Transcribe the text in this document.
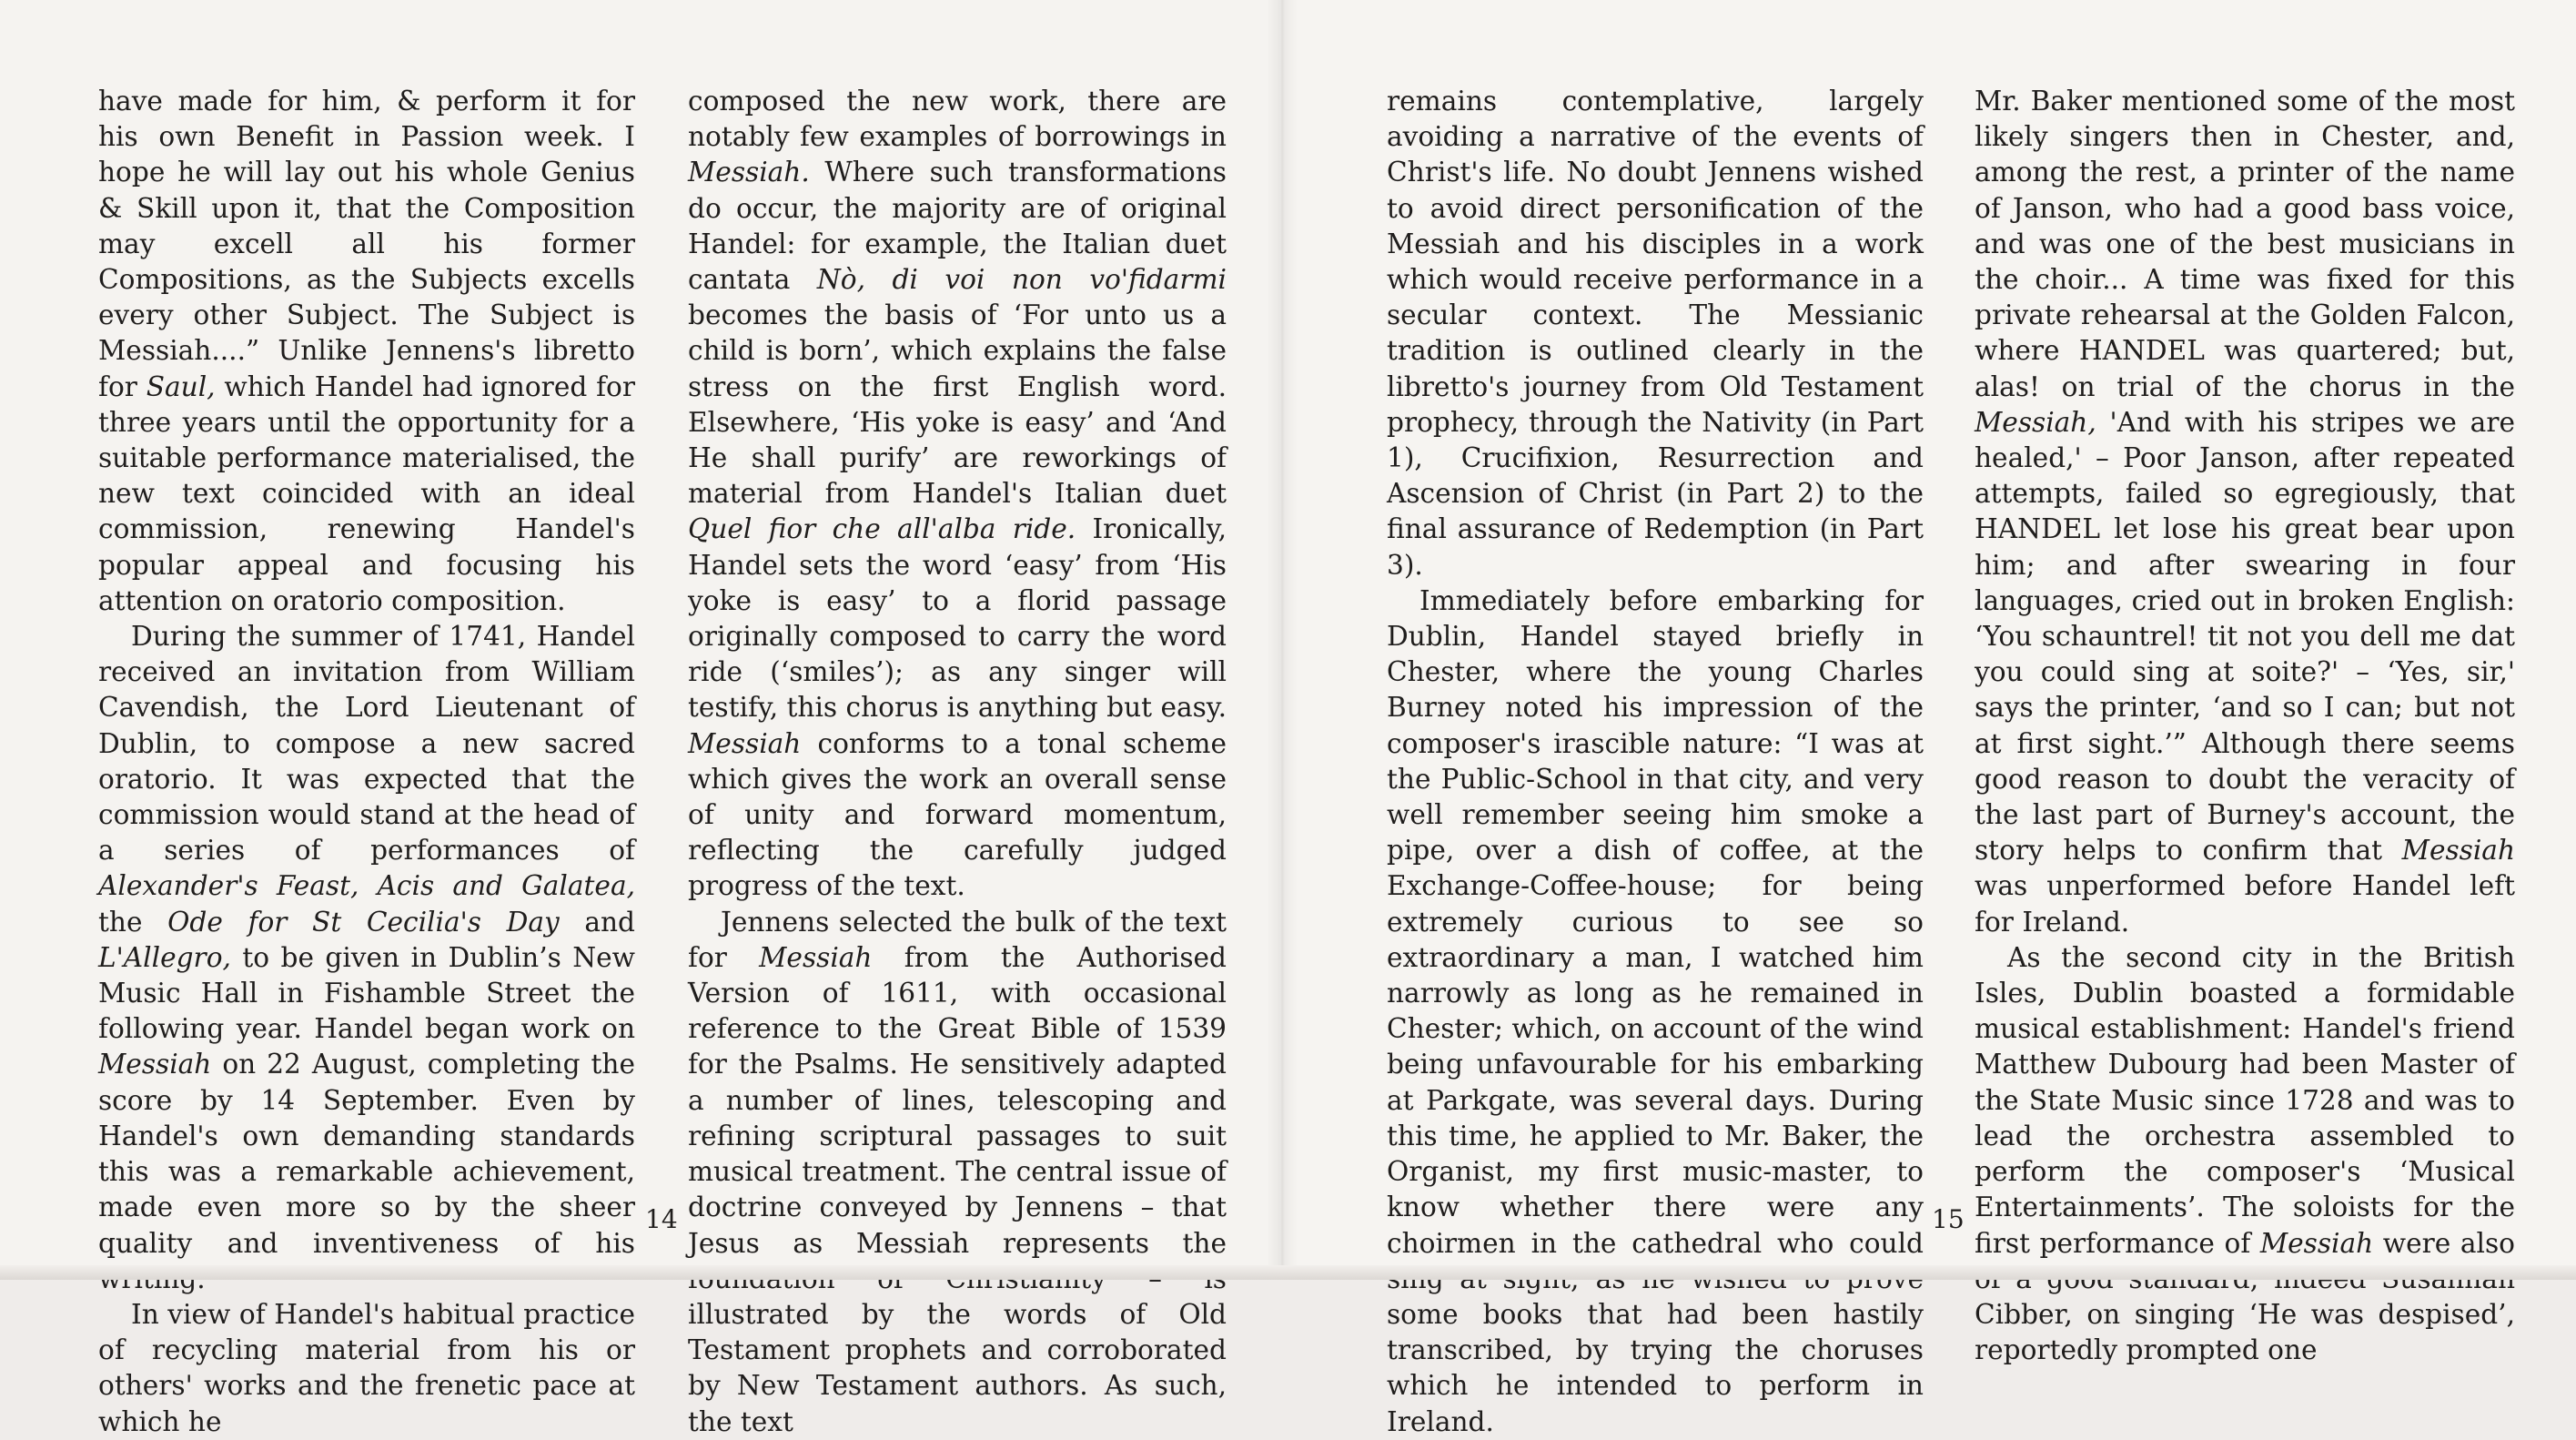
have made for him, & perform it for his own Benefit in Passion week. I hope he will lay out his whole Genius & Skill upon it, that the Composition may excell all his former Compositions, as the Subjects excells every other Subject. The Subject is Messiah....” Unlike Jennens's libretto for Saul, which Handel had ignored for three years until the opportunity for a suitable performance materialised, the new text coincided with an ideal commission, renewing Handel's popular appeal and focusing his attention on oratorio composition.

During the summer of 1741, Handel received an invitation from William Cavendish, the Lord Lieutenant of Dublin, to compose a new sacred oratorio. It was expected that the commission would stand at the head of a series of performances of Alexander's Feast, Acis and Galatea, the Ode for St Cecilia's Day and L'Allegro, to be given in Dublin’s New Music Hall in Fishamble Street the following year. Handel began work on Messiah on 22 August, completing the score by 14 September. Even by Handel's own demanding standards this was a remarkable achievement, made even more so by the sheer quality and inventiveness of his

In view of Handel's habitual practice of recycling material from his or others' works and the frenetic pace at which he

composed the new work, there are notably few examples of borrowings in Messiah. Where such transformations do occur, the majority are of original Handel: for example, the Italian duet cantata Nò, di voi non vo'fidarmi becomes the basis of ‘For unto us a child is born’, which explains the false stress on the first English word. Elsewhere, ‘His yoke is easy’ and ‘And He shall purify’ are reworkings of material from Handel's Italian duet Quel fior che all'alba ride. Ironically, Handel sets the word ‘easy’ from ‘His yoke is easy’ to a florid passage originally composed to carry the word ride (‘smiles’); as any singer will testify, this chorus is anything but easy. Messiah conforms to a tonal scheme which gives the work an overall sense of unity and forward momentum, reflecting the carefully judged progress of the text.

Jennens selected the bulk of the text for Messiah from the Authorised Version of 1611, with occasional reference to the Great Bible of 1539 for the Psalms. He sensitively adapted a number of lines, telescoping and refining scriptural passages to suit musical treatment. The central issue of doctrine conveyed by Jennens – that Jesus as Messiah represents the illustrated by the words of Old Testament prophets and corroborated by New Testament authors. As such, the text

14

remains contemplative, largely avoiding a narrative of the events of Christ's life. No doubt Jennens wished to avoid direct personification of the Messiah and his disciples in a work which would receive performance in a secular context. The Messianic tradition is outlined clearly in the libretto's journey from Old Testament prophecy, through the Nativity (in Part 1), Crucifixion, Resurrection and Ascension of Christ (in Part 2) to the final assurance of Redemption (in Part 3).

Immediately before embarking for Dublin, Handel stayed briefly in Chester, where the young Charles Burney noted his impression of the composer's irascible nature: “I was at the Public-School in that city, and very well remember seeing him smoke a pipe, over a dish of coffee, at the Exchange-Coffee-house; for being extremely curious to see so extraordinary a man, I watched him narrowly as long as he remained in Chester; which, on account of the wind being unfavourable for his embarking at Parkgate, was several days. During this time, he applied to Mr. Baker, the Organist, my first music-master, to know whether there were any choirmen in the cathedral who could some books that had been hastily transcribed, by trying the choruses which he intended to perform in Ireland.

Mr. Baker mentioned some of the most likely singers then in Chester, and, among the rest, a printer of the name of Janson, who had a good bass voice, and was one of the best musicians in the choir... A time was fixed for this private rehearsal at the Golden Falcon, where HANDEL was quartered; but, alas! on trial of the chorus in the Messiah, 'And with his stripes we are healed,' – Poor Janson, after repeated attempts, failed so egregiously, that HANDEL let lose his great bear upon him; and after swearing in four languages, cried out in broken English: ‘You schauntrel! tit not you dell me dat you could sing at soite?' – ‘Yes, sir,' says the printer, ‘and so I can; but not at first sight.’” Although there seems good reason to doubt the veracity of the last part of Burney's account, the story helps to confirm that Messiah was unperformed before Handel left for Ireland.

As the second city in the British Isles, Dublin boasted a formidable musical establishment: Handel's friend Matthew Dubourg had been Master of the State Music since 1728 and was to lead the orchestra assembled to perform the composer's ‘Musical Entertainments’. The soloists for the first performance of Messiah were also Cibber, on singing ‘He was despised’, reportedly prompted one

15
